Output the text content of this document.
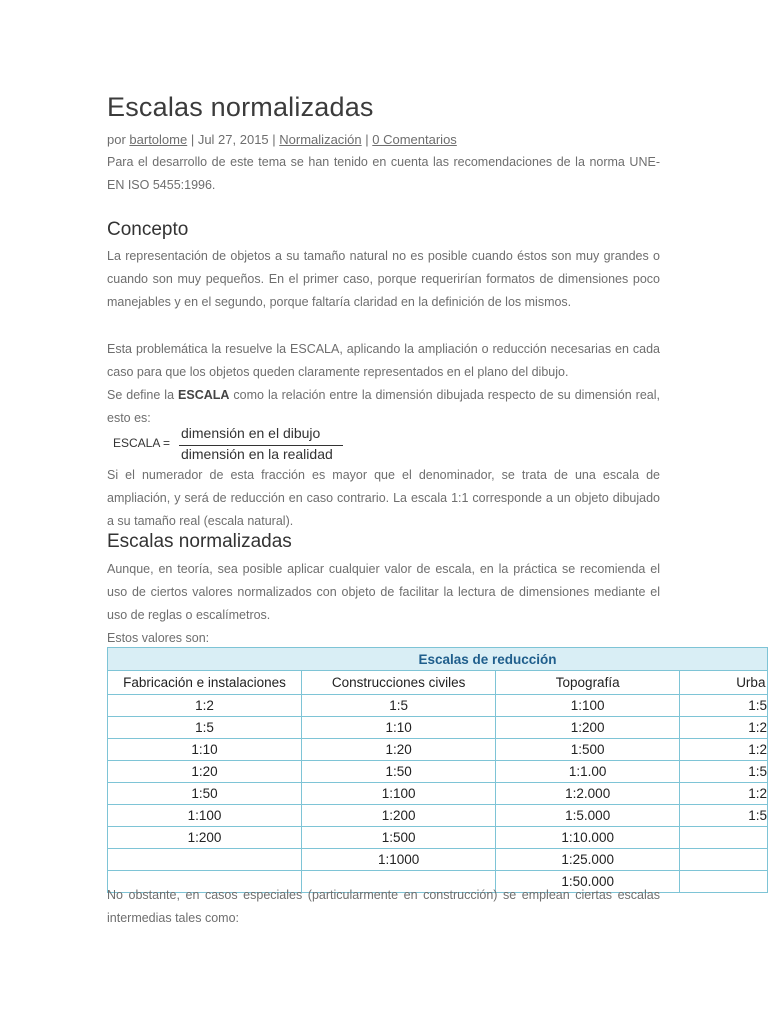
Escalas normalizadas
por bartolome | Jul 27, 2015 | Normalización | 0 Comentarios

Para el desarrollo de este tema se han tenido en cuenta las recomendaciones de la norma UNE-EN ISO 5455:1996.

Concepto

La representación de objetos a su tamaño natural no es posible cuando éstos son muy grandes o cuando son muy pequeños. En el primer caso, porque requerirían formatos de dimensiones poco manejables y en el segundo, porque faltaría claridad en la definición de los mismos.

Esta problemática la resuelve la ESCALA, aplicando la ampliación o reducción necesarias en cada caso para que los objetos queden claramente representados en el plano del dibujo.

Se define la ESCALA como la relación entre la dimensión dibujada respecto de su dimensión real, esto es:

ESCALA =
dimensión en el dibujo
dimensión en la realidad

Si el numerador de esta fracción es mayor que el denominador, se trata de una escala de ampliación, y será de reducción en caso contrario. La escala 1:1 corresponde a un objeto dibujado a su tamaño real (escala natural).

Escalas normalizadas

Aunque, en teoría, sea posible aplicar cualquier valor de escala, en la práctica se recomienda el uso de ciertos valores normalizados con objeto de facilitar la lectura de dimensiones mediante el uso de reglas o escalímetros.

Estos valores son:

Escalas de reducción			
Fabricación e instalaciones	Construcciones civiles	Topografía	Urba
1:2	1:5	1:100	1:5
1:5	1:10	1:200	1:2
1:10	1:20	1:500	1:2
1:20	1:50	1:1.00	1:5
1:50	1:100	1:2.000	1:2
1:100	1:200	1:5.000	1:5
1:200	1:500	1:10.000	
	1:1000	1:25.000	
		1:50.000	

No obstante, en casos especiales (particularmente en construcción) se emplean ciertas escalas intermedias tales como:
